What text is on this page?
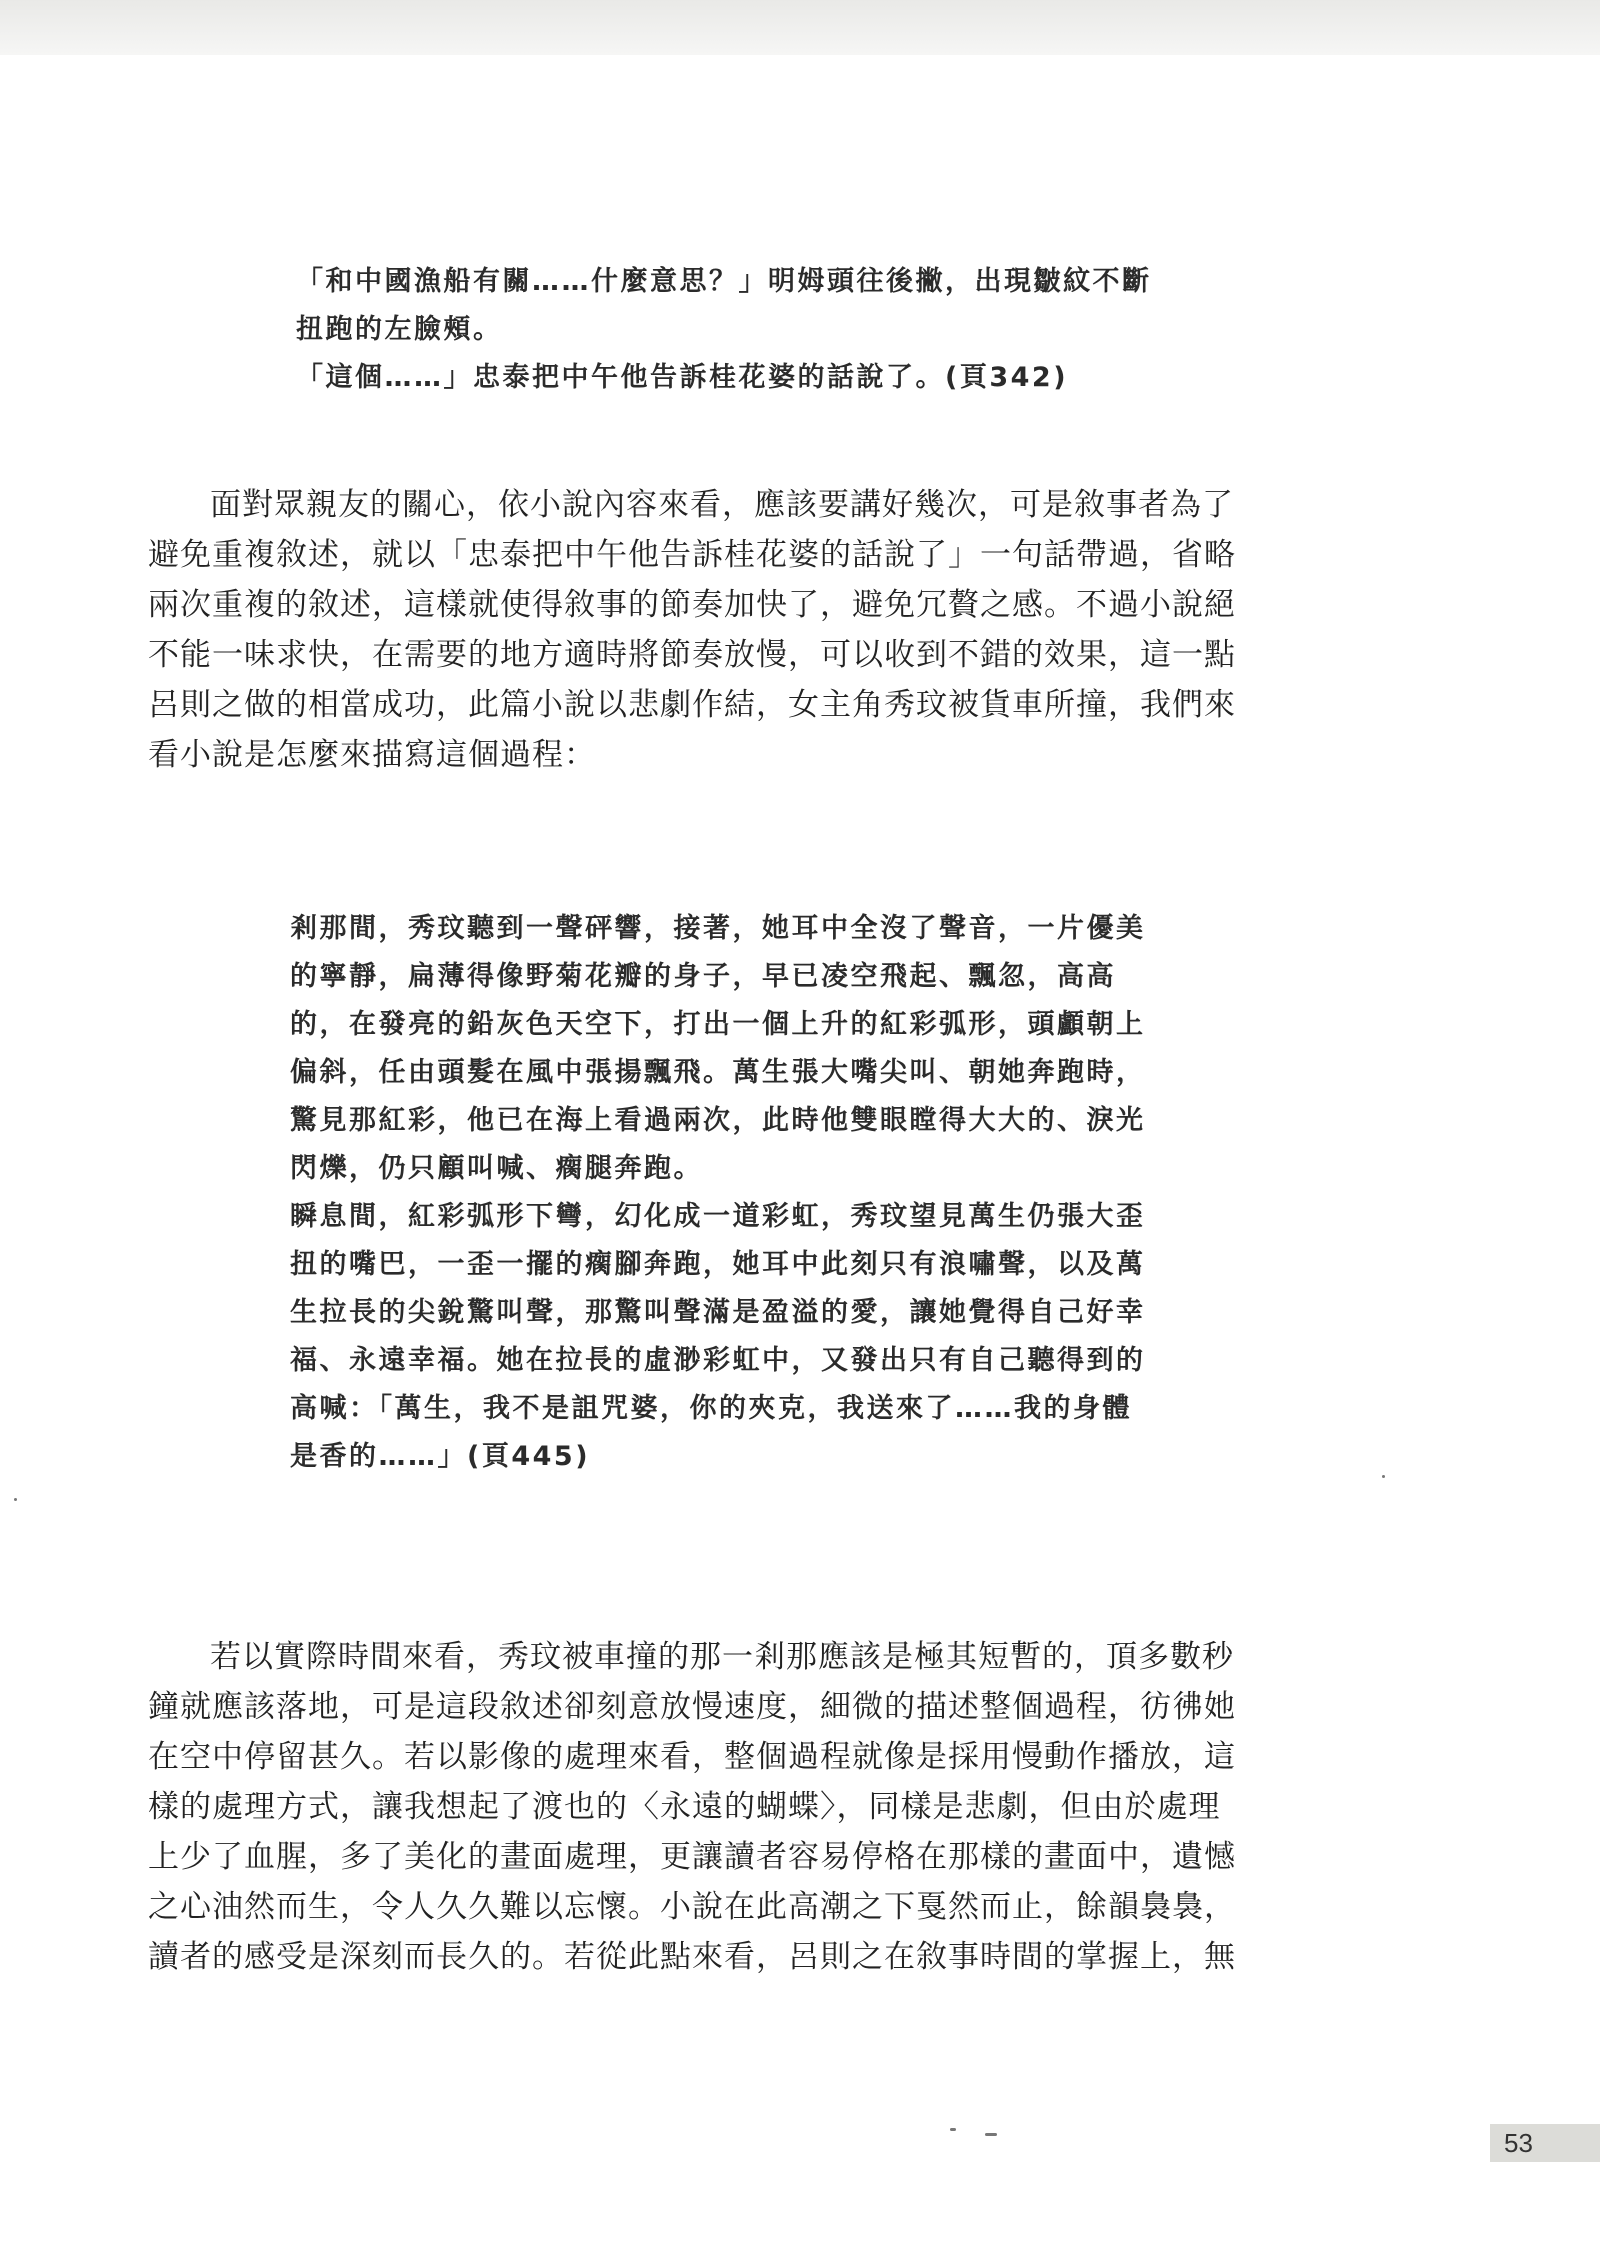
「和中國漁船有關……什麼意思？」明姆頭往後撇，出現皺紋不斷

扭跑的左臉頰。

「這個……」忠泰把中午他告訴桂花婆的話說了。(頁342)

面對眾親友的關心，依小說內容來看，應該要講好幾次，可是敘事者為了

避免重複敘述，就以「忠泰把中午他告訴桂花婆的話說了」一句話帶過，省略

兩次重複的敘述，這樣就使得敘事的節奏加快了，避免冗贅之感。不過小說絕

不能一味求快，在需要的地方適時將節奏放慢，可以收到不錯的效果，這一點

呂則之做的相當成功，此篇小說以悲劇作結，女主角秀玟被貨車所撞，我們來

看小說是怎麼來描寫這個過程：

剎那間，秀玟聽到一聲砰響，接著，她耳中全沒了聲音，一片優美

的寧靜，扁薄得像野菊花瓣的身子，早已凌空飛起、飄忽，高高

的，在發亮的鉛灰色天空下，打出一個上升的紅彩弧形，頭顱朝上

偏斜，任由頭髮在風中張揚飄飛。萬生張大嘴尖叫、朝她奔跑時，

驚見那紅彩，他已在海上看過兩次，此時他雙眼瞠得大大的、淚光

閃爍，仍只顧叫喊、瘸腿奔跑。

瞬息間，紅彩弧形下彎，幻化成一道彩虹，秀玟望見萬生仍張大歪

扭的嘴巴，一歪一擺的瘸腳奔跑，她耳中此刻只有浪嘯聲，以及萬

生拉長的尖銳驚叫聲，那驚叫聲滿是盈溢的愛，讓她覺得自己好幸

福、永遠幸福。她在拉長的虛渺彩虹中，又發出只有自己聽得到的

高喊：「萬生，我不是詛咒婆，你的夾克，我送來了……我的身體

是香的……」(頁445)

若以實際時間來看，秀玟被車撞的那一剎那應該是極其短暫的，頂多數秒

鐘就應該落地，可是這段敘述卻刻意放慢速度，細微的描述整個過程，彷彿她

在空中停留甚久。若以影像的處理來看，整個過程就像是採用慢動作播放，這

樣的處理方式，讓我想起了渡也的〈永遠的蝴蝶〉，同樣是悲劇，但由於處理

上少了血腥，多了美化的畫面處理，更讓讀者容易停格在那樣的畫面中，遺憾

之心油然而生，令人久久難以忘懷。小說在此高潮之下戛然而止，餘韻裊裊，

讀者的感受是深刻而長久的。若從此點來看，呂則之在敘事時間的掌握上，無

53
